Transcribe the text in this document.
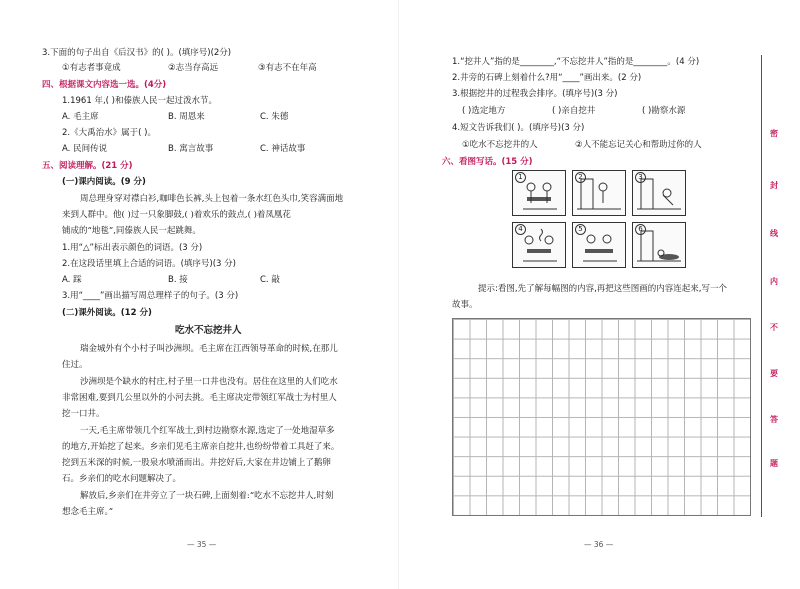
3.下面的句子出自《后汉书》的( )。(填序号)(2分)
①有志者事竟成	②志当存高远	③有志不在年高
四、根据课文内容选一选。(4分)
1.1961 年,( )和傣族人民一起过泼水节。
A. 毛主席	B. 周恩来	C. 朱德
2.《大禹治水》属于( )。
A. 民间传说	B. 寓言故事	C. 神话故事
五、阅读理解。(21 分)
(一)课内阅读。(9 分)
周总理身穿对襟白衫,咖啡色长裤,头上包着一条水红色头巾,笑容满面地
来到人群中。他( )过一只象脚鼓,( )着欢乐的鼓点,( )着凤凰花
铺成的“地毯”,同傣族人民一起跳舞。
1.用“△”标出表示颜色的词语。(3 分)
2.在这段话里填上合适的词语。(填序号)(3 分)
A. 踩	B. 接	C. 敲
3.用“____”画出描写周总理样子的句子。(3 分)
(二)课外阅读。(12 分)
吃水不忘挖井人
瑞金城外有个小村子叫沙洲坝。毛主席在江西领导革命的时候,在那儿
住过。
沙洲坝是个缺水的村庄,村子里一口井也没有。居住在这里的人们吃水
非常困难,要到几公里以外的小河去挑。毛主席决定带领红军战士为村里人
挖一口井。
一天,毛主席带领几个红军战士,到村边勘察水源,选定了一处地湿草多
的地方,开始挖了起来。乡亲们见毛主席亲自挖井,也纷纷带着工具赶了来。
挖到五米深的时候,一股泉水喷涌而出。井挖好后,大家在井边铺上了鹅卵
石。乡亲们的吃水问题解决了。
解放后,乡亲们在井旁立了一块石碑,上面刻着:“吃水不忘挖井人,时刻
想念毛主席。”
— 35 —
1.“挖井人”指的是________,“不忘挖井人”指的是________。(4 分)
2.井旁的石碑上刻着什么?用“____”画出来。(2 分)
3.根据挖井的过程我会排序。(填序号)(3 分)
( )选定地方	( )亲自挖井	( )勘察水源
4.短文告诉我们( )。(填序号)(3 分)
①吃水不忘挖井的人	②人不能忘记关心和帮助过你的人
六、看图写话。(15 分)
1	2	3
4	5	6
提示:看图,先了解每幅图的内容,再把这些图画的内容连起来,写一个
故事。
— 36 —
密
封
线
内
不
要
答
题
